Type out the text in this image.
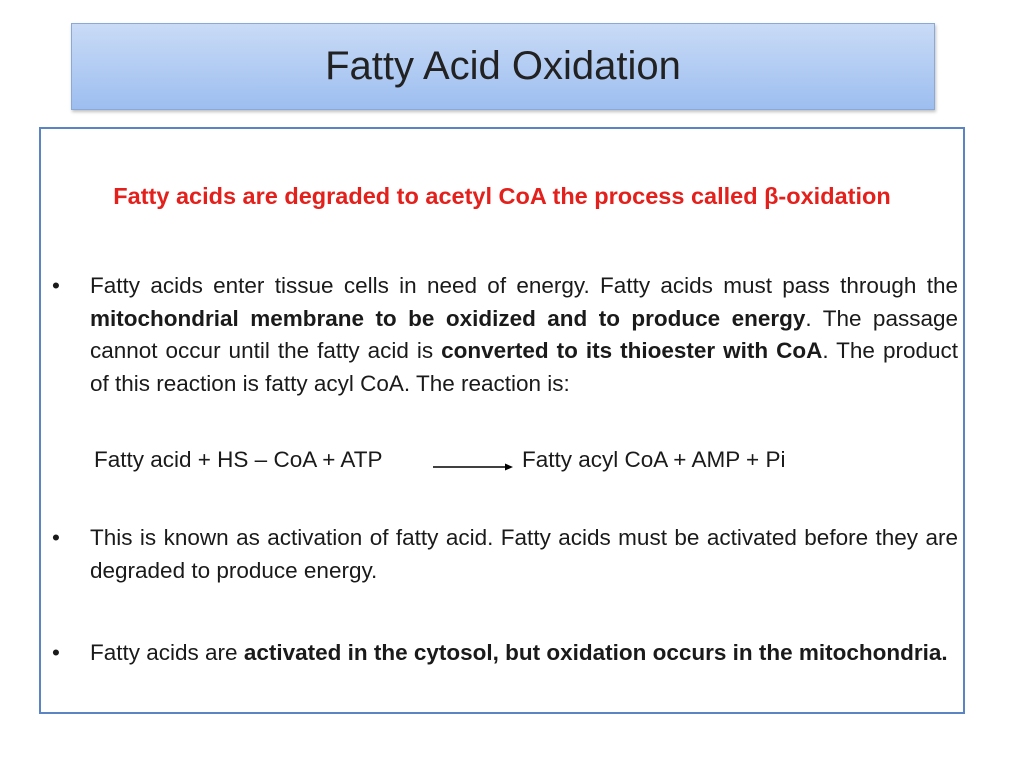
Fatty Acid Oxidation
Fatty acids are degraded to acetyl CoA the process called β-oxidation
• Fatty acids enter tissue cells in need of energy. Fatty acids must pass through the mitochondrial membrane to be oxidized and to produce energy. The passage cannot occur until the fatty acid is converted to its thioester with CoA. The product of this reaction is fatty acyl CoA. The reaction is:
Fatty acid + HS – CoA + ATP	Fatty acyl CoA + AMP + Pi
• This is known as activation of fatty acid. Fatty acids must be activated before they are degraded to produce energy.
• Fatty acids are activated in the cytosol, but oxidation occurs in the mitochondria.
